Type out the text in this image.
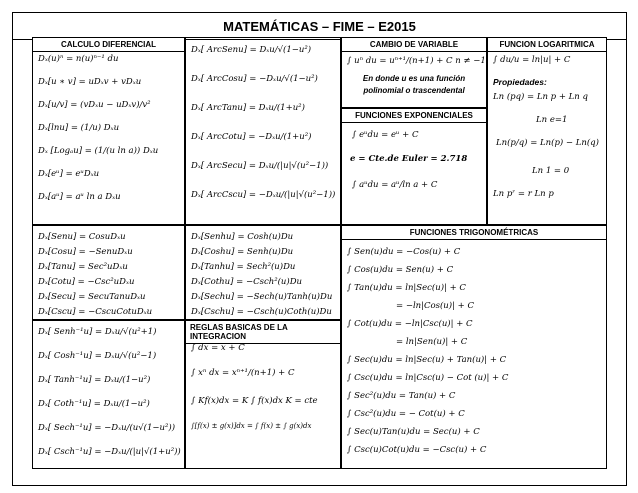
MATEMÁTICAS – FIME – E2015
CALCULO DIFERENCIAL
Dₓ(u)ⁿ = n(u)ⁿ⁻¹ du
Dₓ[u ∗ v] = uDₓv + vDₓu
Dₓ[u/v] = (vDₓu − uDₓv)/v²
Dₓ[lnu] = (1/u) Dₓu
Dₓ [Logₐu] = (1/(u ln a)) Dₓu
Dₓ[eᵘ] = eᵘDₓu
Dₓ[aᵘ] = aᵘ ln a Dₓu
Dₓ[ ArcSenu] = Dₓu/√(1−u²)
Dₓ[ ArcCosu] = −Dₓu/√(1−u²)
Dₓ[ ArcTanu] = Dₓu/(1+u²)
Dₓ[ ArcCotu] = −Dₓu/(1+u²)
Dₓ[ ArcSecu] = Dₓu/(|u|√(u²−1))
Dₓ[ ArcCscu] = −Dₓu/(|u|√(u²−1))
CAMBIO DE VARIABLE
∫ uⁿ du = uⁿ⁺¹/(n+1) + C n ≠ −1
En donde u es una función
polinomial o trascendental
FUNCIONES EXPONENCIALES
∫ eᵘdu = eᵘ + C
e = Cte.de Euler = 2.718
∫ aᵘdu = aᵘ/ln a + C
FUNCION LOGARITMICA
∫ du/u = ln|u| + C
Propiedades:
Ln (pq) = Ln p + Ln q
Ln e=1
Ln(p/q) = Ln(p) − Ln(q)
Ln 1 = 0
Ln pʳ = r Ln p
Dₓ[Senu] = CosuDₓu
Dₓ[Cosu] = −SenuDₓu
Dₓ[Tanu] = Sec²uDₓu
Dₓ[Cotu] = −Csc²uDₓu
Dₓ[Secu] = SecuTanuDₓu
Dₓ[Cscu] = −CscuCotuDₓu
Dₓ[Senhu] = Cosh(u)Du
Dₓ[Coshu] = Senh(u)Du
Dₓ[Tanhu] = Sech²(u)Du
Dₓ[Cothu] = −Csch²(u)Du
Dₓ[Sechu] = −Sech(u)Tanh(u)Du
Dₓ[Cschu] = −Csch(u)Coth(u)Du
Dₓ[ Senh⁻¹u] = Dₓu/√(u²+1)
Dₓ[ Cosh⁻¹u] = Dₓu/√(u²−1)
Dₓ[ Tanh⁻¹u] = Dₓu/(1−u²)
Dₓ[ Coth⁻¹u] = Dₓu/(1−u²)
Dₓ[ Sech⁻¹u] = −Dₓu/(u√(1−u²))
Dₓ[ Csch⁻¹u] = −Dₓu/(|u|√(1+u²))
REGLAS BASICAS DE LA INTEGRACION
∫ dx = x + C
∫ xⁿ dx = xⁿ⁺¹/(n+1) + C
∫ Kf(x)dx = K ∫ f(x)dx K = cte
∫[f(x) ± g(x)]dx = ∫ f(x) ± ∫ g(x)dx
FUNCIONES TRIGONOMÉTRICAS
∫ Sen(u)du = −Cos(u) + C
∫ Cos(u)du = Sen(u) + C
∫ Tan(u)du = ln|Sec(u)| + C
= −ln|Cos(u)| + C
∫ Cot(u)du = −ln|Csc(u)| + C
= ln|Sen(u)| + C
∫ Sec(u)du = ln|Sec(u) + Tan(u)| + C
∫ Csc(u)du = ln|Csc(u) − Cot (u)| + C
∫ Sec²(u)du = Tan(u) + C
∫ Csc²(u)du = − Cot(u) + C
∫ Sec(u)Tan(u)du = Sec(u) + C
∫ Csc(u)Cot(u)du = −Csc(u) + C
